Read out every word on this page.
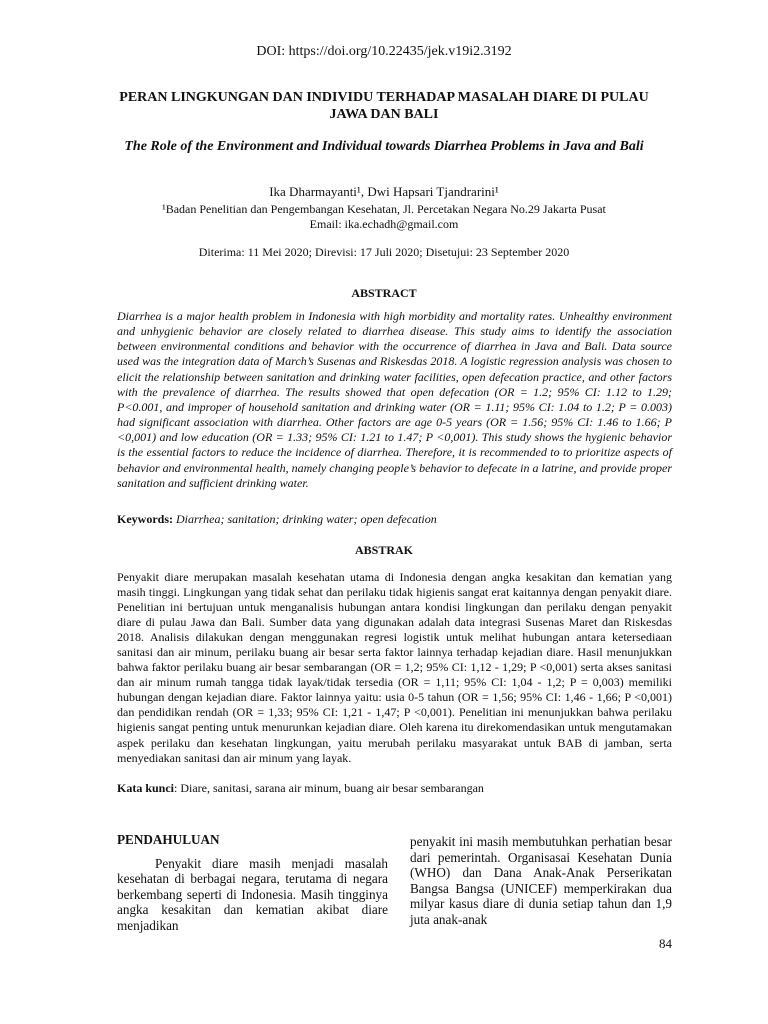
DOI: https://doi.org/10.22435/jek.v19i2.3192
PERAN LINGKUNGAN DAN INDIVIDU TERHADAP MASALAH DIARE DI PULAU JAWA DAN BALI
The Role of the Environment and Individual towards Diarrhea Problems in Java and Bali
Ika Dharmayanti¹, Dwi Hapsari Tjandrarini¹
¹Badan Penelitian dan Pengembangan Kesehatan, Jl. Percetakan Negara No.29 Jakarta Pusat
Email: ika.echadh@gmail.com
Diterima: 11 Mei 2020; Direvisi: 17 Juli 2020; Disetujui: 23 September 2020
ABSTRACT
Diarrhea is a major health problem in Indonesia with high morbidity and mortality rates. Unhealthy environment and unhygienic behavior are closely related to diarrhea disease. This study aims to identify the association between environmental conditions and behavior with the occurrence of diarrhea in Java and Bali. Data source used was the integration data of March’s Susenas and Riskesdas 2018. A logistic regression analysis was chosen to elicit the relationship between sanitation and drinking water facilities, open defecation practice, and other factors with the prevalence of diarrhea. The results showed that open defecation (OR = 1.2; 95% CI: 1.12 to 1.29; P<0.001, and improper of household sanitation and drinking water (OR = 1.11; 95% CI: 1.04 to 1.2; P = 0.003) had significant association with diarrhea. Other factors are age 0-5 years (OR = 1.56; 95% CI: 1.46 to 1.66; P <0,001) and low education (OR = 1.33; 95% CI: 1.21 to 1.47; P <0,001). This study shows the hygienic behavior is the essential factors to reduce the incidence of diarrhea. Therefore, it is recommended to to prioritize aspects of behavior and environmental health, namely changing people’s behavior to defecate in a latrine, and provide proper sanitation and sufficient drinking water.
Keywords: Diarrhea; sanitation; drinking water; open defecation
ABSTRAK
Penyakit diare merupakan masalah kesehatan utama di Indonesia dengan angka kesakitan dan kematian yang masih tinggi. Lingkungan yang tidak sehat dan perilaku tidak higienis sangat erat kaitannya dengan penyakit diare. Penelitian ini bertujuan untuk menganalisis hubungan antara kondisi lingkungan dan perilaku dengan penyakit diare di pulau Jawa dan Bali. Sumber data yang digunakan adalah data integrasi Susenas Maret dan Riskesdas 2018. Analisis dilakukan dengan menggunakan regresi logistik untuk melihat hubungan antara ketersediaan sanitasi dan air minum, perilaku buang air besar serta faktor lainnya terhadap kejadian diare. Hasil menunjukkan bahwa faktor perilaku buang air besar sembarangan (OR = 1,2; 95% CI: 1,12 - 1,29; P <0,001) serta akses sanitasi dan air minum rumah tangga tidak layak/tidak tersedia (OR = 1,11; 95% CI: 1,04 - 1,2; P = 0,003) memiliki hubungan dengan kejadian diare. Faktor lainnya yaitu: usia 0-5 tahun (OR = 1,56; 95% CI: 1,46 - 1,66; P <0,001) dan pendidikan rendah (OR = 1,33; 95% CI: 1,21 - 1,47; P <0,001). Penelitian ini menunjukkan bahwa perilaku higienis sangat penting untuk menurunkan kejadian diare. Oleh karena itu direkomendasikan untuk mengutamakan aspek perilaku dan kesehatan lingkungan, yaitu merubah perilaku masyarakat untuk BAB di jamban, serta menyediakan sanitasi dan air minum yang layak.
Kata kunci: Diare, sanitasi, sarana air minum, buang air besar sembarangan
PENDAHULUAN

Penyakit diare masih menjadi masalah kesehatan di berbagai negara, terutama di negara berkembang seperti di Indonesia. Masih tingginya angka kesakitan dan kematian akibat diare menjadikan

penyakit ini masih membutuhkan perhatian besar dari pemerintah. Organisasai Kesehatan Dunia (WHO) dan Dana Anak-Anak Perserikatan Bangsa Bangsa (UNICEF) memperkirakan dua milyar kasus diare di dunia setiap tahun dan 1,9 juta anak-anak

84
